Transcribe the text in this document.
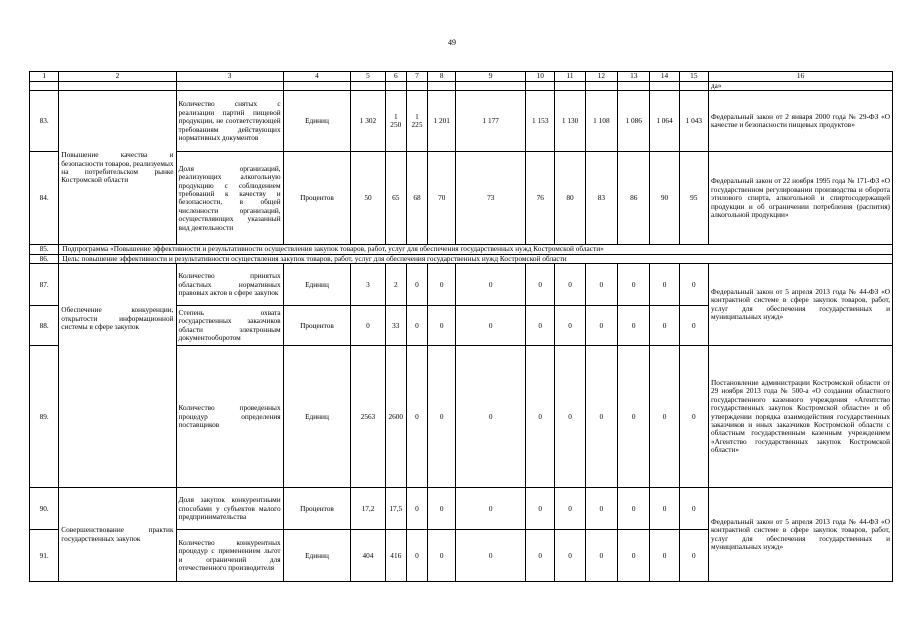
49
1	2	3	4	5	6	7	8	9	10	11	12	13	14	15	16
															да»
83.	Повышение качества и безопасности товаров, реализуемых на потребительском рынке Костромской области	Количество снятых с реализации партий пищевой продукции, не соответствующей требованиям действующих нормативных документов	Единиц	1 302	1 250	1 225	1 201	1 177	1 153	1 130	1 108	1 086	1 064	1 043	Федеральный закон от 2 января 2000 года № 29-ФЗ «О качестве и безопасности пищевых продуктов»
84.		Доля организаций, реализующих алкогольную продукцию с соблюдением требований к качеству и безопасности, в общей численности организаций, осуществляющих указанный вид деятельности	Процентов	50	65	68	70	73	76	80	83	86	90	95	Федеральный закон от 22 ноября 1995 года № 171-ФЗ «О государственном регулировании производства и оборота этилового спирта, алкогольной и спиртосодержащей продукции и об ограничении потребления (распития) алкогольной продукции»
85.	Подпрограмма «Повышение эффективности и результативности осуществления закупок товаров, работ, услуг для обеспечения государственных нужд Костромской области»														
86.	Цель: повышение эффективности и результативности осуществления закупок товаров, работ, услуг для обеспечения государственных нужд Костромской области														
87.	Обеспечение конкуренции, открытости информационной системы в сфере закупок	Количество принятых областных нормативных правовых актов в сфере закупок	Единиц	3	2	0	0	0	0	0	0	0	0	0	Федеральный закон от 5 апреля 2013 года № 44-ФЗ «О контрактной системе в сфере закупок товаров, работ, услуг для обеспечения государственных и муниципальных нужд»
88.		Степень охвата государственных заказчиков области электронным документооборотом	Процентов	0	33	0	0	0	0	0	0	0	0	0	
89.		Количество проведенных процедур определения поставщиков	Единиц	2563	2600	0	0	0	0	0	0	0	0	0	Постановление администрации Костромской области от 29 ноября 2013 года № 500-а «О создании областного государственного казенного учреждения «Агентство государственных закупок Костромской области» и об утверждении порядка взаимодействия государственных заказчиков и иных заказчиков Костромской области с областным государственным казенным учреждением «Агентство государственных закупок Костромской области»
90.	Совершенствование практик государственных закупок	Доля закупок конкурентными способами у субъектов малого предпринимательства	Процентов	17,2	17,5	0	0	0	0	0	0	0	0	0	Федеральный закон от 5 апреля 2013 года № 44-ФЗ «О контрактной системе в сфере закупок товаров, работ, услуг для обеспечения государственных и муниципальных нужд»
91.		Количество конкурентных процедур с применением льгот и ограничений для отечественного производителя	Единиц	404	416	0	0	0	0	0	0	0	0	0	
